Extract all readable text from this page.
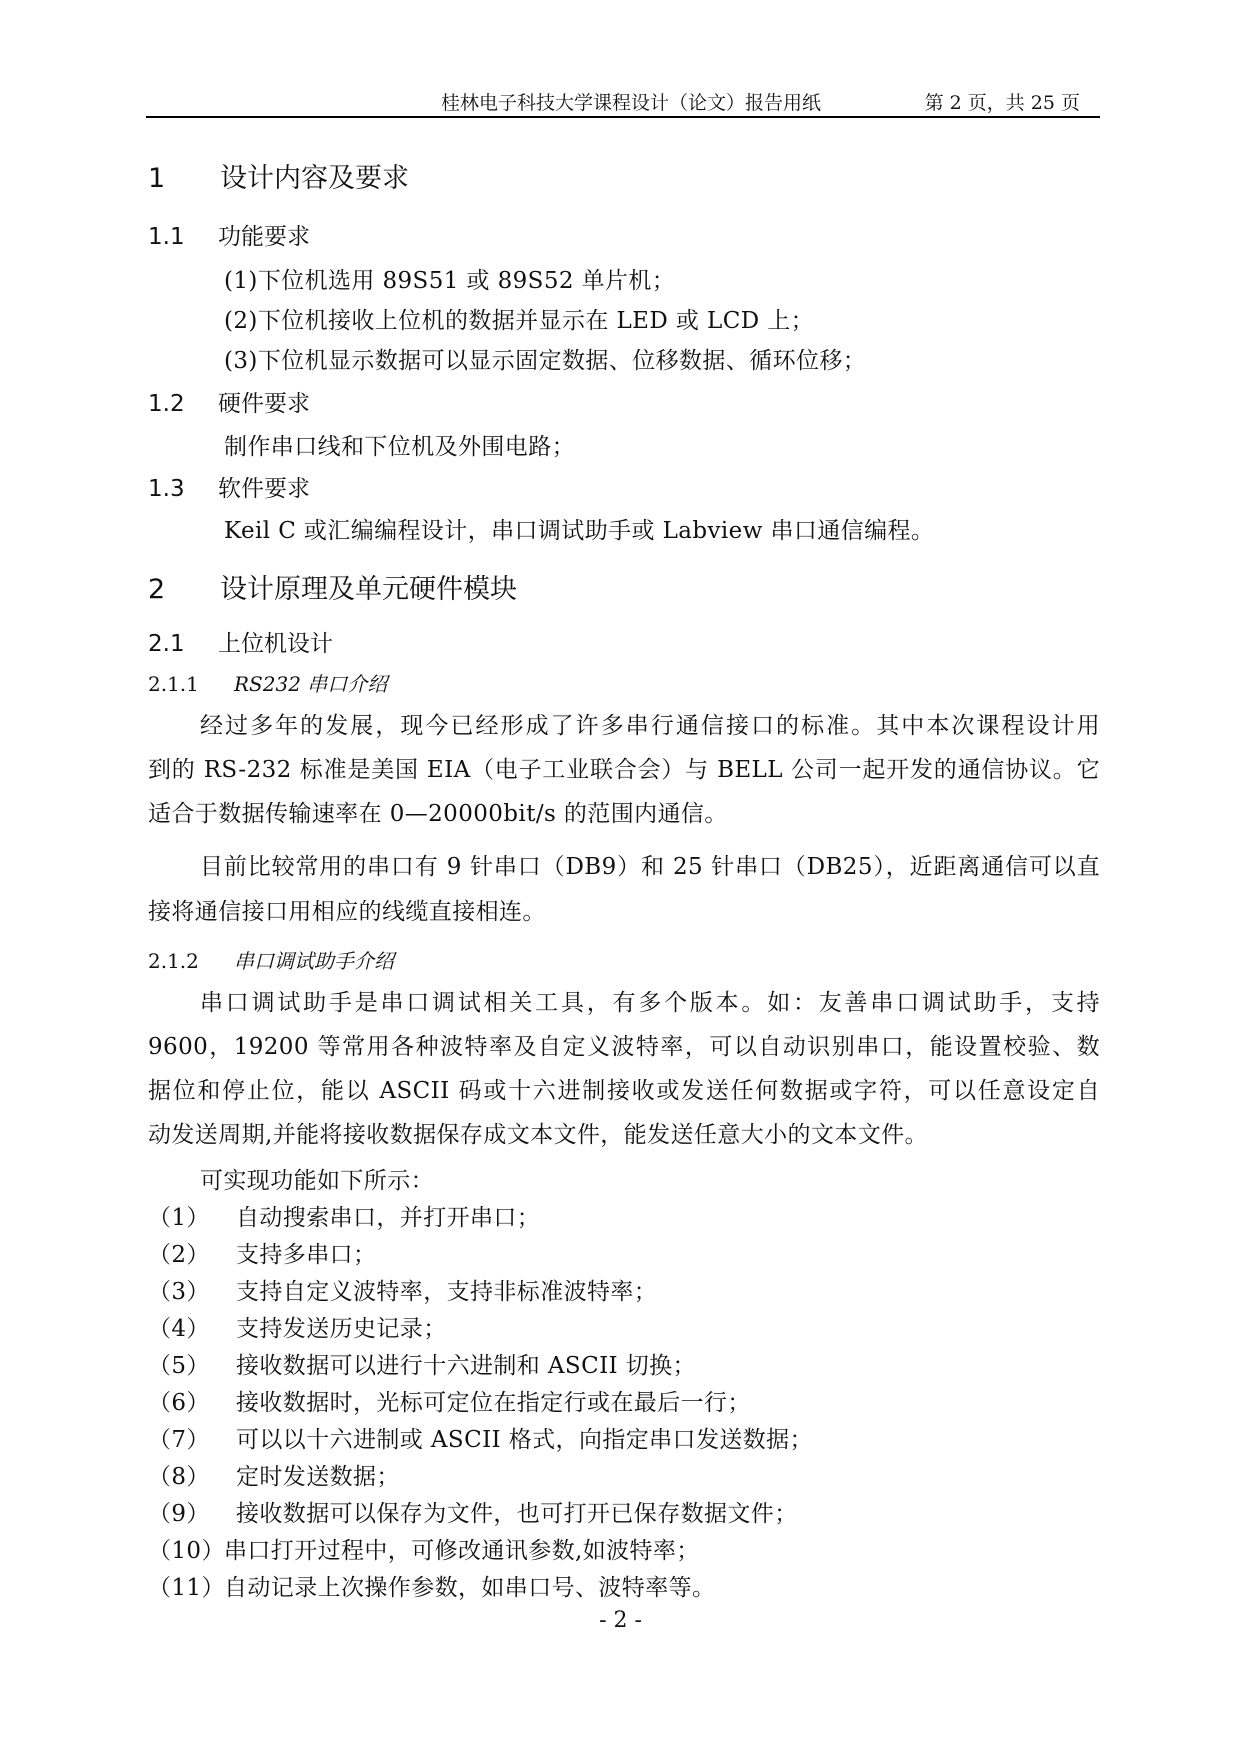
桂林电子科技大学课程设计（论文）报告用纸	第 2 页，共 25 页
1 设计内容及要求
1.1 功能要求
(1)下位机选用 89S51 或 89S52 单片机；
(2)下位机接收上位机的数据并显示在 LED 或 LCD 上；
(3)下位机显示数据可以显示固定数据、位移数据、循环位移；
1.2 硬件要求
制作串口线和下位机及外围电路；
1.3 软件要求
Keil C 或汇编编程设计，串口调试助手或 Labview 串口通信编程。
2 设计原理及单元硬件模块
2.1 上位机设计
2.1.1 RS232 串口介绍
经过多年的发展，现今已经形成了许多串行通信接口的标准。其中本次课程设计用
到的 RS-232 标准是美国 EIA（电子工业联合会）与 BELL 公司一起开发的通信协议。它
适合于数据传输速率在 0—20000bit/s 的范围内通信。
目前比较常用的串口有 9 针串口（DB9）和 25 针串口（DB25），近距离通信可以直
接将通信接口用相应的线缆直接相连。
2.1.2 串口调试助手介绍
串口调试助手是串口调试相关工具，有多个版本。如：友善串口调试助手，支持
9600，19200 等常用各种波特率及自定义波特率，可以自动识别串口，能设置校验、数
据位和停止位，能以 ASCII 码或十六进制接收或发送任何数据或字符，可以任意设定自
动发送周期,并能将接收数据保存成文本文件，能发送任意大小的文本文件。
可实现功能如下所示：
（1） 自动搜索串口，并打开串口；
（2） 支持多串口；
（3） 支持自定义波特率，支持非标准波特率；
（4） 支持发送历史记录；
（5） 接收数据可以进行十六进制和 ASCII 切换；
（6） 接收数据时，光标可定位在指定行或在最后一行；
（7） 可以以十六进制或 ASCII 格式，向指定串口发送数据；
（8） 定时发送数据；
（9） 接收数据可以保存为文件，也可打开已保存数据文件；
（10）串口打开过程中，可修改通讯参数,如波特率；
（11）自动记录上次操作参数，如串口号、波特率等。
- 2 -
